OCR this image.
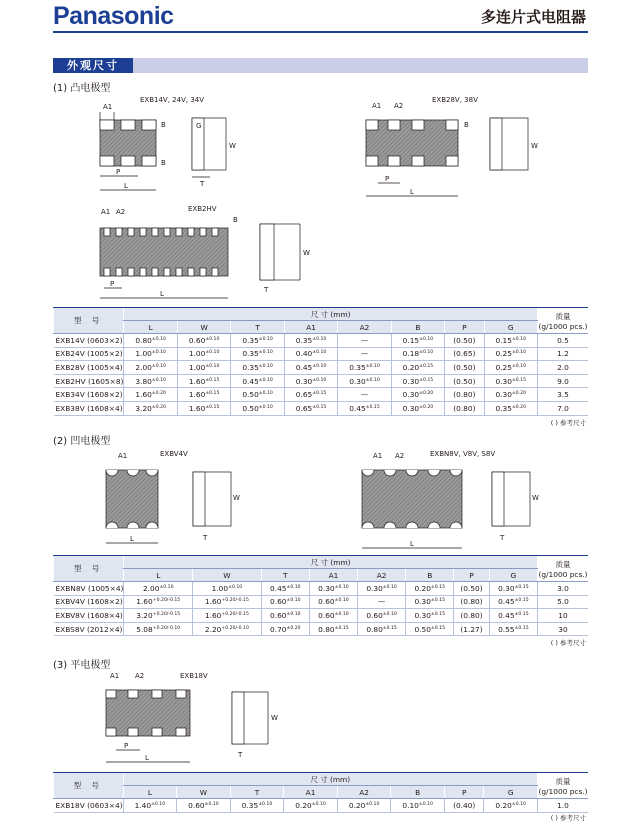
Panasonic	多连片式电阻器
外观尺寸
(1) 凸电极型
(2) 凹电极型
(3) 平电极型
A1
B
B
L
P
W
T
G
A1 A2
B
P
L
W
A1 A2
B
P
L
W
T
A1
L
W
T
A1 A2
L
W
T
A1 A2
L
P
W
T
EXB14V, 24V, 34V	EXB28V, 38V
EXB2HV
EXBV4V	EXBN8V, V8V, S8V
EXB18V
型 号	尺 寸 (mm)								质量
(g/1000 pcs.)

	L	W	T	A1	A2	B	P	G	
EXB14V (0603×2)	$0.80^{\pm 0.10}$	$0.60^{\pm 0.10}$	$0.35^{\pm 0.10}$	$0.35^{\pm 0.10}$	—	$0.15^{\pm 0.10}$	(0.50)	$0.15^{\pm 0.10}$	0.5
EXB24V (1005×2)	$1.00^{\pm 0.10}$	$1.00^{\pm 0.10}$	$0.35^{\pm 0.10}$	$0.40^{\pm 0.10}$	—	$0.18^{\pm 0.10}$	(0.65)	$0.25^{\pm 0.10}$	1.2
EXB28V (1005×4)	$2.00^{\pm 0.10}$	$1.00^{\pm 0.10}$	$0.35^{\pm 0.10}$	$0.45^{\pm 0.10}$	$0.35^{\pm 0.10}$	$0.20^{\pm 0.15}$	(0.50)	$0.25^{\pm 0.10}$	2.0
EXB2HV (1605×8)	$3.80^{\pm 0.10}$	$1.60^{\pm 0.15}$	$0.45^{\pm 0.10}$	$0.30^{\pm 0.10}$	$0.30^{\pm 0.10}$	$0.30^{\pm 0.15}$	(0.50)	$0.30^{\pm 0.15}$	9.0
EXB34V (1608×2)	$1.60^{\pm 0.20}$	$1.60^{\pm 0.15}$	$0.50^{\pm 0.10}$	$0.65^{\pm 0.15}$	—	$0.30^{\pm 0.20}$	(0.80)	$0.30^{\pm 0.20}$	3.5
EXB38V (1608×4)	$3.20^{\pm 0.20}$	$1.60^{\pm 0.15}$	$0.50^{\pm 0.10}$	$0.65^{\pm 0.15}$	$0.45^{\pm 0.15}$	$0.30^{\pm 0.20}$	(0.80)	$0.35^{\pm 0.20}$	7.0
( ) 参考尺寸
型 号	尺 寸 (mm)								质量
(g/1000 pcs.)

	L	W	T	A1	A2	B	P	G	
EXBN8V (1005×4)	$2.00^{\pm 0.10}$	$1.00^{\pm 0.10}$	$0.45^{\pm 0.10}$	$0.30^{\pm 0.10}$	$0.30^{\pm 0.10}$	$0.20^{\pm 0.15}$	(0.50)	$0.30^{\pm 0.15}$	3.0
EXBV4V (1608×2)	$1.60^{+0.20/-0.15}$	$1.60^{+0.20/-0.15}$	$0.60^{\pm 0.10}$	$0.60^{\pm 0.10}$	—	$0.30^{\pm 0.15}$	(0.80)	$0.45^{\pm 0.15}$	5.0
EXBV8V (1608×4)	$3.20^{+0.20/-0.15}$	$1.60^{+0.20/-0.15}$	$0.60^{\pm 0.10}$	$0.60^{\pm 0.10}$	$0.60^{\pm 0.10}$	$0.30^{\pm 0.15}$	(0.80)	$0.45^{\pm 0.15}$	10
EXBS8V (2012×4)	$5.08^{+0.20/-0.10}$	$2.20^{+0.20/-0.10}$	$0.70^{\pm 0.20}$	$0.80^{\pm 0.15}$	$0.80^{\pm 0.15}$	$0.50^{\pm 0.15}$	(1.27)	$0.55^{\pm 0.15}$	30
( ) 参考尺寸
型 号	尺 寸 (mm)								质量
(g/1000 pcs.)

	L	W	T	A1	A2	B	P	G	
EXB18V (0603×4)	$1.40^{\pm 0.10}$	$0.60^{\pm 0.10}$	$0.35^{\pm 0.10}$	$0.20^{\pm 0.10}$	$0.20^{\pm 0.10}$	$0.10^{\pm 0.10}$	(0.40)	$0.20^{\pm 0.10}$	1.0
( ) 参考尺寸
